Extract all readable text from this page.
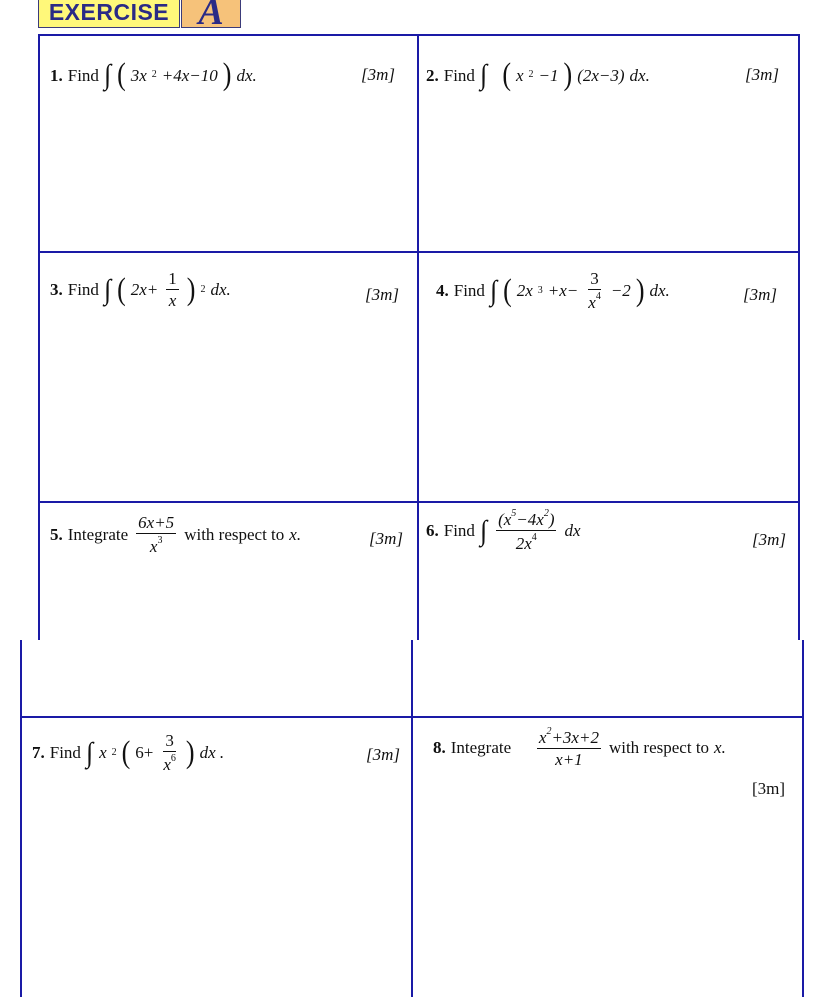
EXERCISE A
1. Find ∫ ( 3x 2 +4x−10 ) dx.	[3m] 2. Find ∫
( x 2 −1 ) (2x−3) dx.	[3m]
3. Find ∫ ( $2x+ \frac{1}{x}$ ) 2 dx.	[3m] 4. Find ∫ ( 2x $3 +x- \frac{3}{x^4} -2$ ) dx.	[3m]
5. Integrate $\frac{6x+5}{x^3}$ with respect to x.	[3m] 6. Find ∫ $\frac{(x^5-4x^2)}{2x^4}$ dx	[3m]
7. Find ∫ x 2 ( $6+ \frac{3}{x^6}$ ) dx .	[3m] 8. Integrate
$\frac{x^2+3x+2}{x+1}$ with respect to x.
[3m]
